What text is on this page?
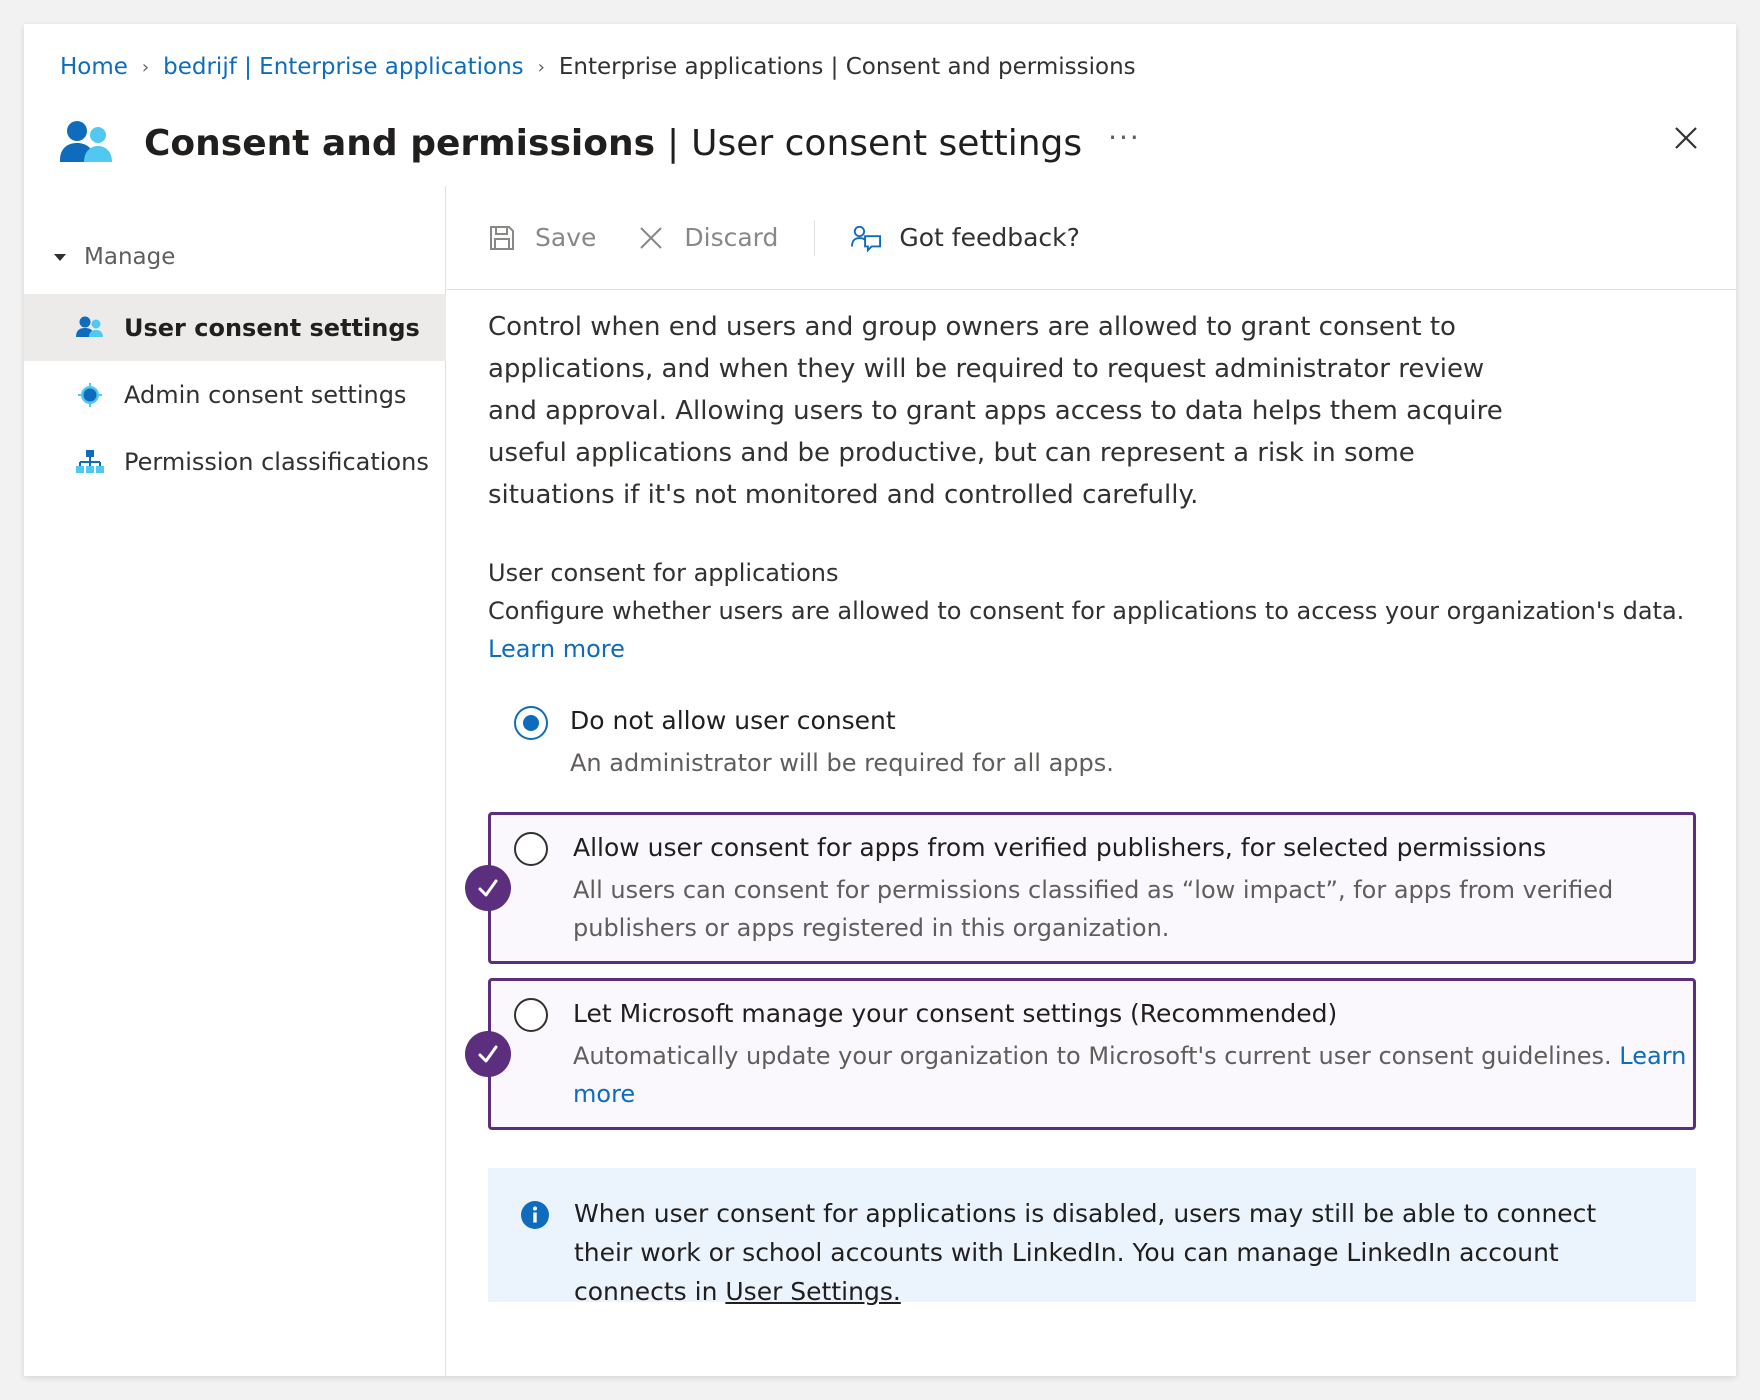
Home › bedrijf | Enterprise applications › Enterprise applications | Consent and permissions
Consent and permissions | User consent settings ···
Manage
User consent settings
Admin consent settings
Permission classifications
Save	Discard	Got feedback?

Control when end users and group owners are allowed to grant consent to applications, and when they will be required to request administrator review and approval. Allowing users to grant apps access to data helps them acquire useful applications and be productive, but can represent a risk in some situations if it's not monitored and controlled carefully.

User consent for applications

Configure whether users are allowed to consent for applications to access your organization's data. Learn more

Do not allow user consent
An administrator will be required for all apps.
Allow user consent for apps from verified publishers, for selected permissions
All users can consent for permissions classified as “low impact”, for apps from verified publishers or apps registered in this organization.
Let Microsoft manage your consent settings (Recommended)
Automatically update your organization to Microsoft's current user consent guidelines. Learn more

When user consent for applications is disabled, users may still be able to connect their work or school accounts with LinkedIn. You can manage LinkedIn account connects in User Settings.
